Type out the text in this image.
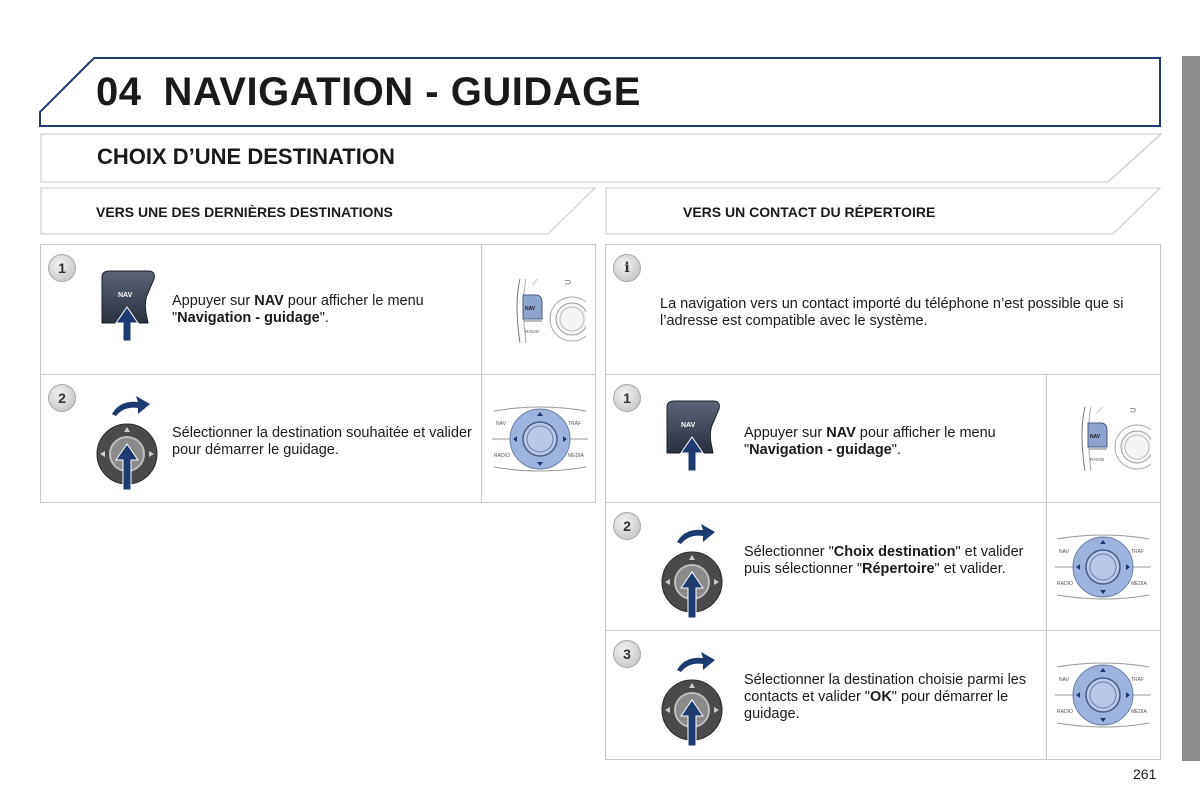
04 NAVIGATION - GUIDAGE
CHOIX D’UNE DESTINATION
VERS UNE DES DERNIÈRES DESTINATIONS	VERS UN CONTACT DU RÉPERTOIRE
1
NAV	Appuyer sur NAV pour afficher le menu "Navigation - guidage".
⟋	⊃
NAV
RADIO
2
Sélectionner la destination souhaitée et valider pour démarrer le guidage.
NAV	TRAF
RADIO	MEDIA
i
La navigation vers un contact importé du téléphone n’est possible que si l’adresse est compatible avec le système.
1
NAV	Appuyer sur NAV pour afficher le menu "Navigation - guidage".
⟋	⊃
NAV
RADIO
2
Sélectionner "Choix destination" et valider puis sélectionner "Répertoire" et valider.
NAV	TRAF
RADIO	MEDIA
3
Sélectionner la destination choisie parmi les contacts et valider "OK" pour démarrer le guidage.
NAV	TRAF
RADIO	MEDIA
261
